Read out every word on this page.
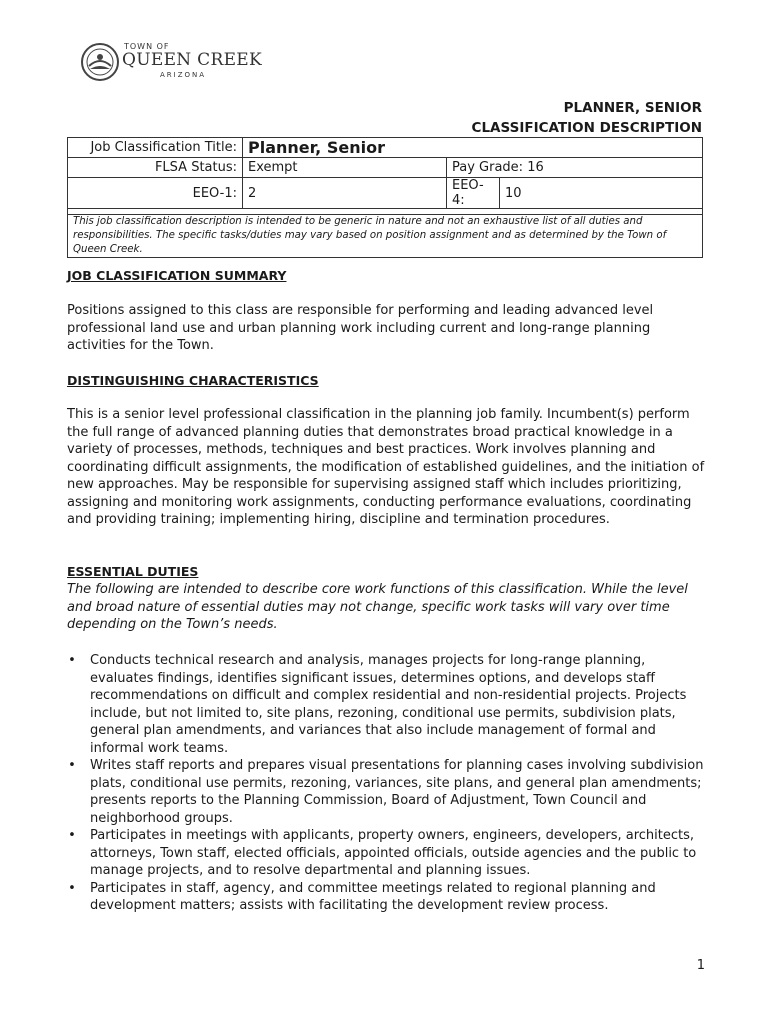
TOWN OF
QUEEN CREEK
ARIZONA
PLANNER, SENIOR
CLASSIFICATION DESCRIPTION
Job Classification Title:	Planner, Senior		
FLSA Status:	Exempt	Pay Grade: 16	
EEO-1:	2	EEO-4:	10

This job classification description is intended to be generic in nature and not an exhaustive list of all duties and responsibilities. The specific tasks/duties may vary based on position assignment and as determined by the Town of Queen Creek.			
JOB CLASSIFICATION SUMMARY
Positions assigned to this class are responsible for performing and leading advanced level professional land use and urban planning work including current and long-range planning activities for the Town.
DISTINGUISHING CHARACTERISTICS
This is a senior level professional classification in the planning job family. Incumbent(s) perform the full range of advanced planning duties that demonstrates broad practical knowledge in a variety of processes, methods, techniques and best practices. Work involves planning and coordinating difficult assignments, the modification of established guidelines, and the initiation of new approaches. May be responsible for supervising assigned staff which includes prioritizing, assigning and monitoring work assignments, conducting performance evaluations, coordinating and providing training; implementing hiring, discipline and termination procedures.
ESSENTIAL DUTIES
The following are intended to describe core work functions of this classification. While the level and broad nature of essential duties may not change, specific work tasks will vary over time depending on the Town’s needs.
• Conducts technical research and analysis, manages projects for long-range planning, evaluates findings, identifies significant issues, determines options, and develops staff recommendations on difficult and complex residential and non-residential projects. Projects include, but not limited to, site plans, rezoning, conditional use permits, subdivision plats, general plan amendments, and variances that also include management of formal and informal work teams.
• Writes staff reports and prepares visual presentations for planning cases involving subdivision plats, conditional use permits, rezoning, variances, site plans, and general plan amendments; presents reports to the Planning Commission, Board of Adjustment, Town Council and neighborhood groups.
• Participates in meetings with applicants, property owners, engineers, developers, architects, attorneys, Town staff, elected officials, appointed officials, outside agencies and the public to manage projects, and to resolve departmental and planning issues.
• Participates in staff, agency, and committee meetings related to regional planning and development matters; assists with facilitating the development review process.
1
